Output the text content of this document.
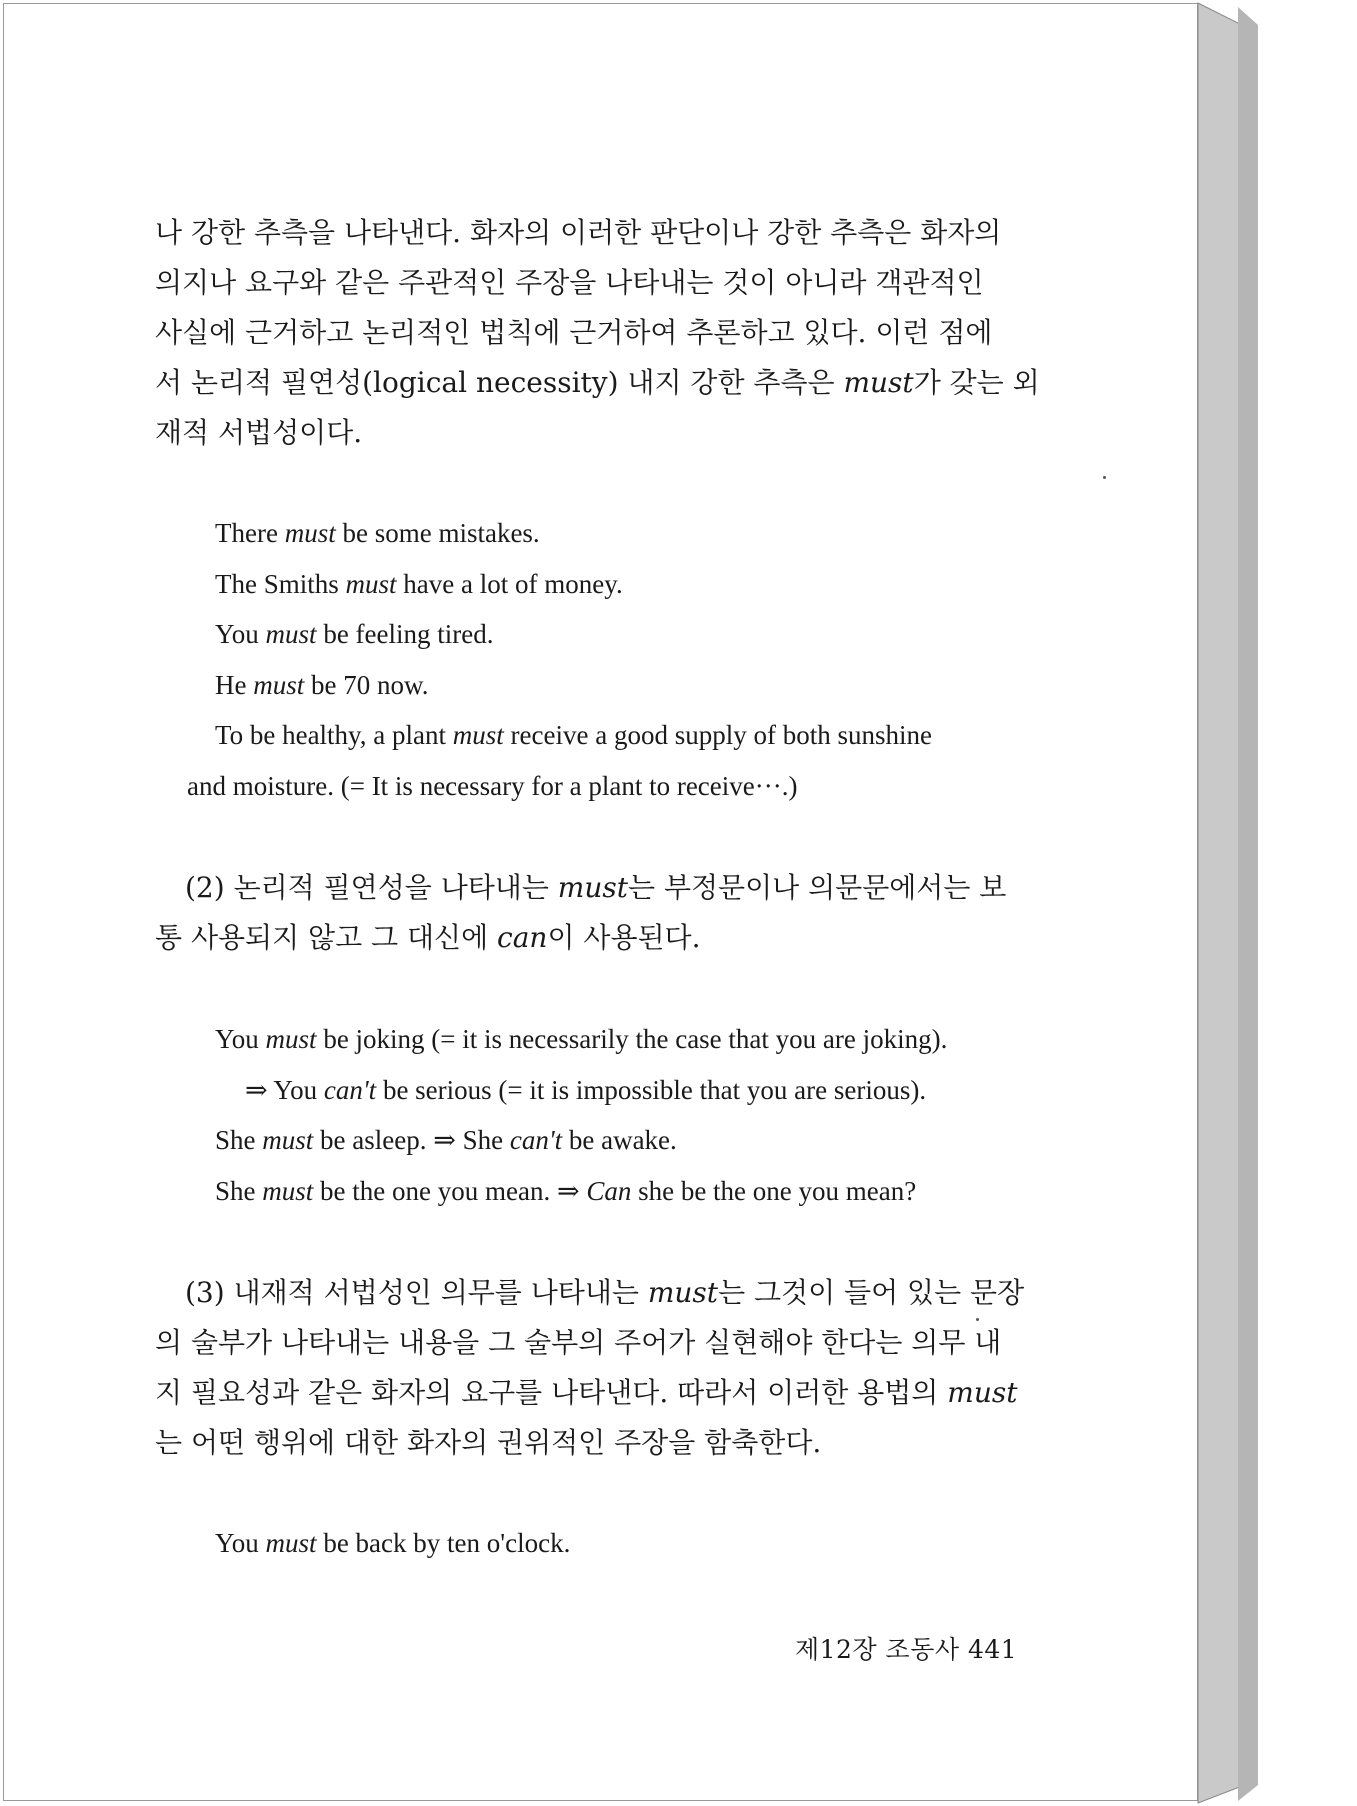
나 강한 추측을 나타낸다. 화자의 이러한 판단이나 강한 추측은 화자의
의지나 요구와 같은 주관적인 주장을 나타내는 것이 아니라 객관적인
사실에 근거하고 논리적인 법칙에 근거하여 추론하고 있다. 이런 점에
서 논리적 필연성(logical necessity) 내지 강한 추측은 must가 갖는 외
재적 서법성이다.
There must be some mistakes.
The Smiths must have a lot of money.
You must be feeling tired.
He must be 70 now.
To be healthy, a plant must receive a good supply of both sunshine
and moisture. (= It is necessary for a plant to receive···.)
(2) 논리적 필연성을 나타내는 must는 부정문이나 의문문에서는 보
통 사용되지 않고 그 대신에 can이 사용된다.
You must be joking (= it is necessarily the case that you are joking).
⇒ You can't be serious (= it is impossible that you are serious).
She must be asleep. ⇒ She can't be awake.
She must be the one you mean. ⇒ Can she be the one you mean?
(3) 내재적 서법성인 의무를 나타내는 must는 그것이 들어 있는 문장
의 술부가 나타내는 내용을 그 술부의 주어가 실현해야 한다는 의무 내
지 필요성과 같은 화자의 요구를 나타낸다. 따라서 이러한 용법의 must
는 어떤 행위에 대한 화자의 권위적인 주장을 함축한다.
You must be back by ten o'clock.
제12장 조동사 441
